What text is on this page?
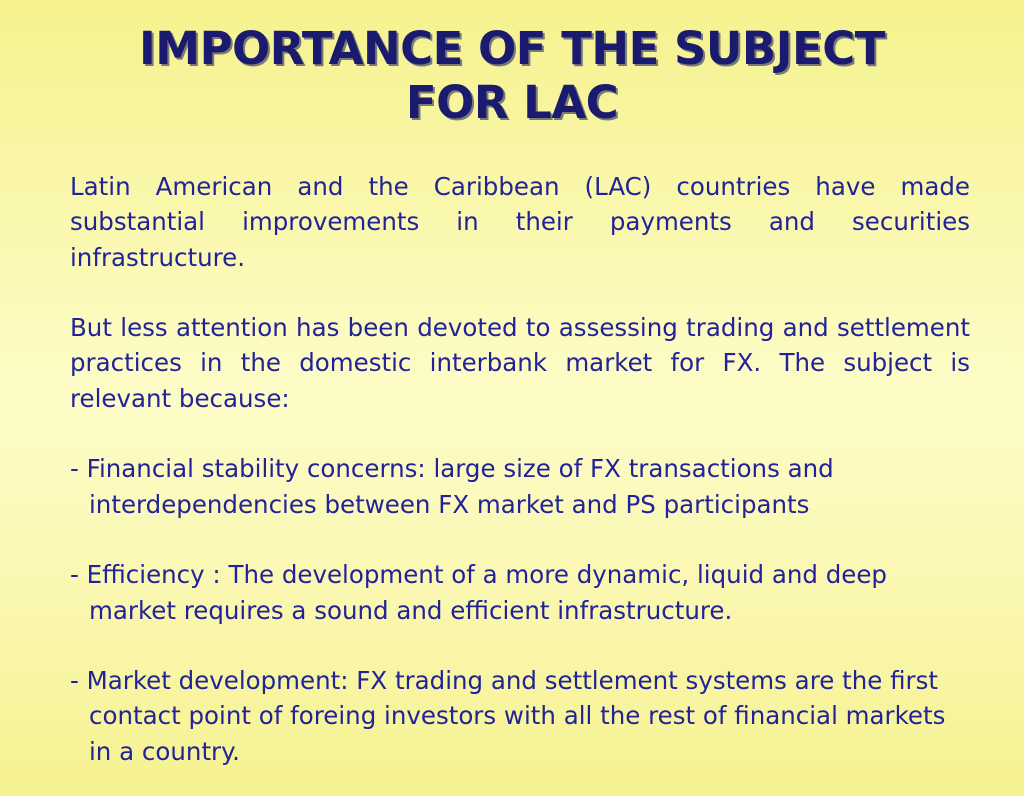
IMPORTANCE OF THE SUBJECT
FOR LAC

Latin American and the Caribbean (LAC) countries have made substantial improvements in their payments and securities infrastructure.

But less attention has been devoted to assessing trading and settlement practices in the domestic interbank market for FX. The subject is relevant because:

- Financial stability concerns: large size of FX transactions and interdependencies between FX market and PS participants

- Efficiency : The development of a more dynamic, liquid and deep market requires a sound and efficient infrastructure.

- Market development: FX trading and settlement systems are the first contact point of foreing investors with all the rest of financial markets in a country.
